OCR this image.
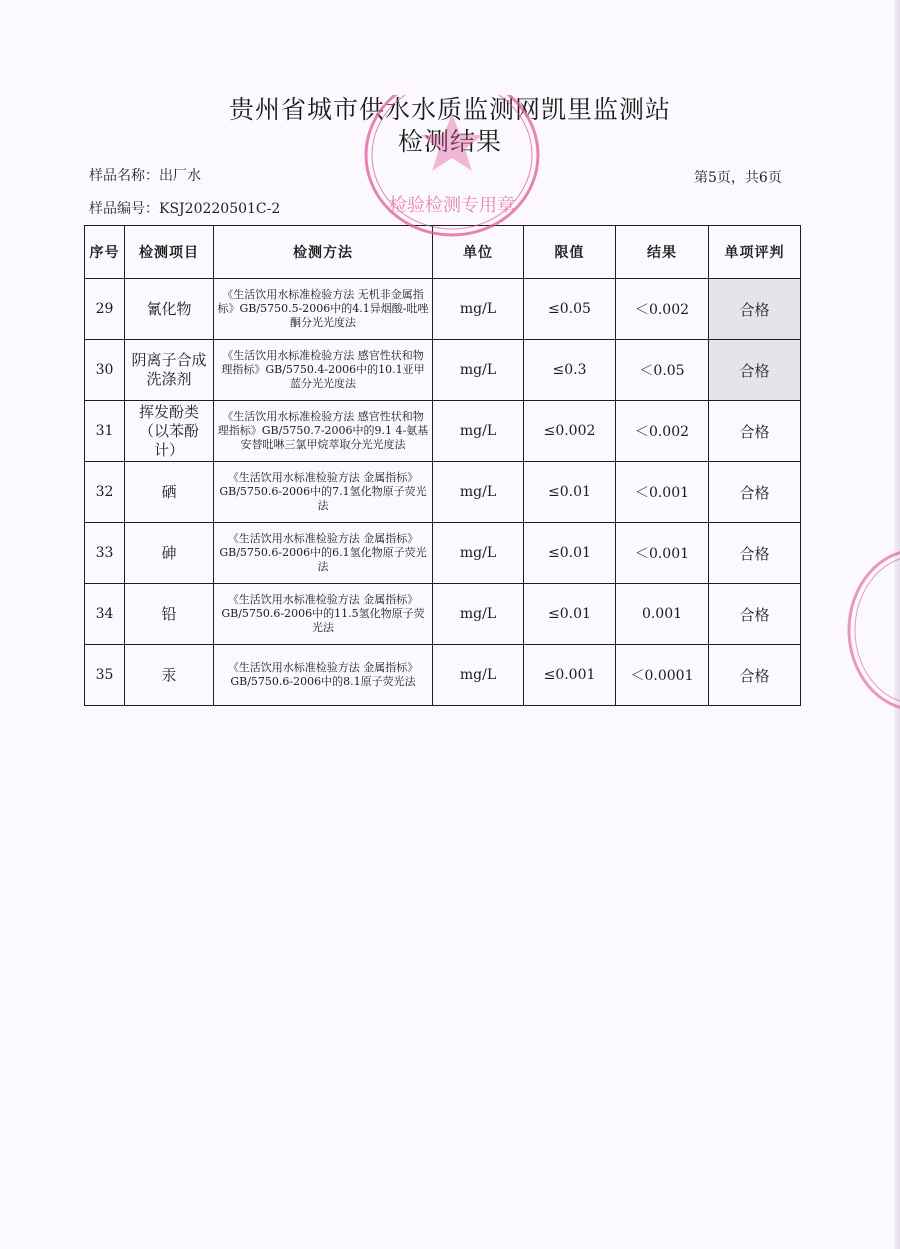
贵州省城市供水水质监测网凯里监测站
检测结果
样品名称：出厂水	第5页，共6页
样品编号：KSJ20220501C-2
序号	检测项目	检测方法	单位	限值	结果	单项评判
29	氰化物	《生活饮用水标准检验方法 无机非金属指标》GB/5750.5-2006中的4.1异烟酸-吡唑酮分光光度法	mg/L	≤0.05	＜0.002	合格
30	阴离子合成洗涤剂	《生活饮用水标准检验方法 感官性状和物理指标》GB/5750.4-2006中的10.1亚甲蓝分光光度法	mg/L	≤0.3	＜0.05	合格
31	挥发酚类（以苯酚计）	《生活饮用水标准检验方法 感官性状和物理指标》GB/5750.7-2006中的9.1 4-氨基安替吡啉三氯甲烷萃取分光光度法	mg/L	≤0.002	＜0.002	合格
32	硒	《生活饮用水标准检验方法 金属指标》GB/5750.6-2006中的7.1氢化物原子荧光法	mg/L	≤0.01	＜0.001	合格
33	砷	《生活饮用水标准检验方法 金属指标》GB/5750.6-2006中的6.1氢化物原子荧光法	mg/L	≤0.01	＜0.001	合格
34	铅	《生活饮用水标准检验方法 金属指标》GB/5750.6-2006中的11.5氢化物原子荧光法	mg/L	≤0.01	0.001	合格
35	汞	《生活饮用水标准检验方法 金属指标》GB/5750.6-2006中的8.1原子荧光法	mg/L	≤0.001	＜0.0001	合格
检验检测专用章
